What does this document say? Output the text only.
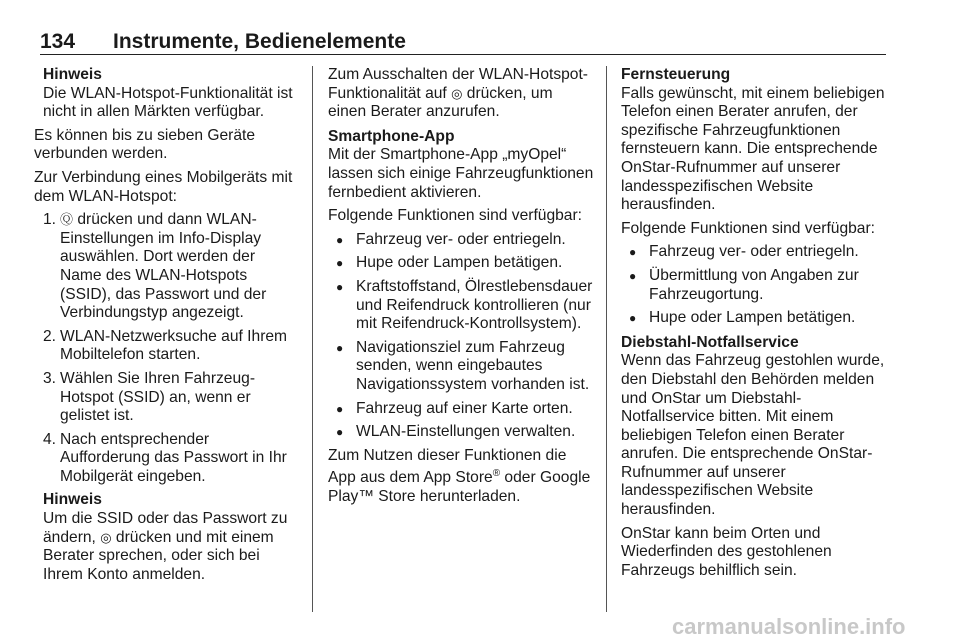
134 Instrumente, Bedienelemente
Hinweis
Die WLAN-Hotspot-Funktionalität ist nicht in allen Märkten verfügbar.

Es können bis zu sieben Geräte verbunden werden.

Zur Verbindung eines Mobilgeräts mit dem WLAN-Hotspot:

1. Ⓠ drücken und dann WLAN-Einstellungen im Info-Display auswählen. Dort werden der Name des WLAN-Hotspots (SSID), das Passwort und der Verbindungstyp angezeigt.
2. WLAN-Netzwerksuche auf Ihrem Mobiltelefon starten.
3. Wählen Sie Ihren Fahrzeug-Hotspot (SSID) an, wenn er gelistet ist.
4. Nach entsprechender Aufforderung das Passwort in Ihr Mobilgerät eingeben.
Hinweis
Um die SSID oder das Passwort zu ändern, ◎ drücken und mit einem Berater sprechen, oder sich bei Ihrem Konto anmelden.

Zum Ausschalten der WLAN-Hotspot-Funktionalität auf ◎ drücken, um einen Berater anzurufen.

Smartphone-App

Mit der Smartphone-App „myOpel“ lassen sich einige Fahrzeugfunktionen fernbedient aktivieren.

Folgende Funktionen sind verfügbar:

● Fahrzeug ver- oder entriegeln.
● Hupe oder Lampen betätigen.
● Kraftstoffstand, Ölrestlebensdauer und Reifendruck kontrollieren (nur mit Reifendruck-Kontrollsystem).
● Navigationsziel zum Fahrzeug senden, wenn eingebautes Navigationssystem vorhanden ist.
● Fahrzeug auf einer Karte orten.
● WLAN-Einstellungen verwalten.

Zum Nutzen dieser Funktionen die App aus dem App Store® oder Google Play™ Store herunterladen.

Fernsteuerung

Falls gewünscht, mit einem beliebigen Telefon einen Berater anrufen, der spezifische Fahrzeugfunktionen fernsteuern kann. Die entsprechende OnStar-Rufnummer auf unserer landesspezifischen Website herausfinden.

Folgende Funktionen sind verfügbar:

● Fahrzeug ver- oder entriegeln.
● Übermittlung von Angaben zur Fahrzeugortung.
● Hupe oder Lampen betätigen.
Diebstahl-Notfallservice

Wenn das Fahrzeug gestohlen wurde, den Diebstahl den Behörden melden und OnStar um Diebstahl-Notfallservice bitten. Mit einem beliebigen Telefon einen Berater anrufen. Die entsprechende OnStar-Rufnummer auf unserer landesspezifischen Website herausfinden.

OnStar kann beim Orten und Wiederfinden des gestohlenen Fahrzeugs behilflich sein.

carmanualsonline.info
